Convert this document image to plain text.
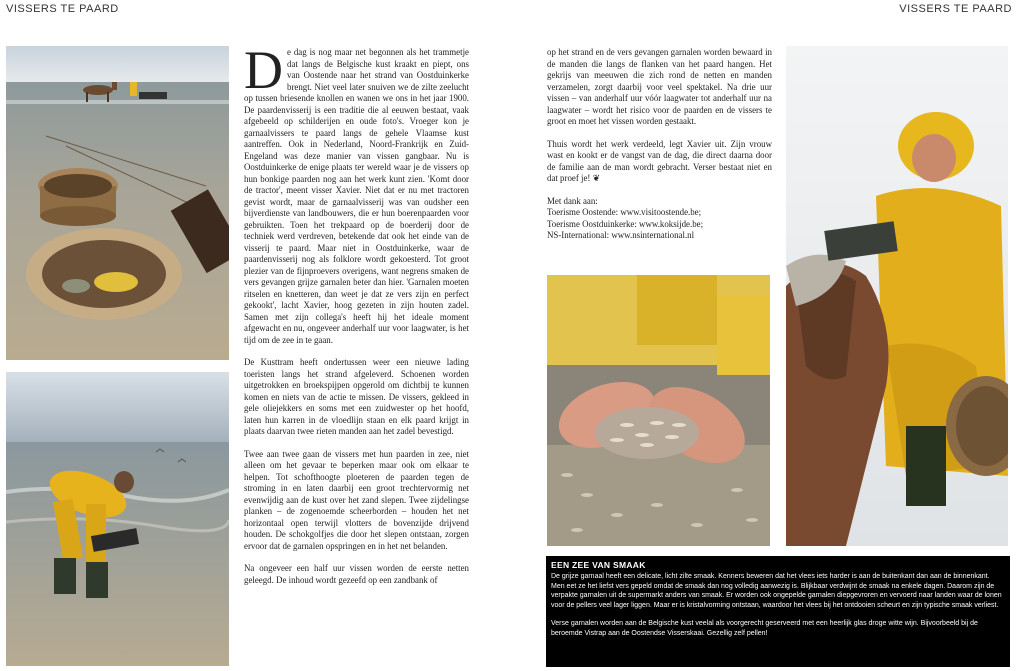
VISSERS TE PAARD	VISSERS TE PAARD

De dag is nog maar net begonnen als het trammetje dat langs de Belgische kust kraakt en piept, ons van Oostende naar het strand van Oostduinkerke brengt. Niet veel later snuiven we de zilte zeelucht op tussen briesende knollen en wanen we ons in het jaar 1900. De paardenvisserij is een traditie die al eeuwen bestaat, vaak afgebeeld op schilderijen en oude foto's. Vroeger kon je garnaalvissers te paard langs de gehele Vlaamse kust aantreffen. Ook in Nederland, Noord-Frankrijk en Zuid-Engeland was deze manier van vissen gangbaar. Nu is Oostduinkerke de enige plaats ter wereld waar je de vissers op hun bonkige paarden nog aan het werk kunt zien. 'Komt door de tractor', meent visser Xavier. Niet dat er nu met tractoren gevist wordt, maar de garnaalvisserij was van oudsher een bijverdienste van landbouwers, die er hun boerenpaarden voor gebruikten. Toen het trekpaard op de boerderij door de techniek werd verdreven, betekende dat ook het einde van de visserij te paard. Maar niet in Oostduinkerke, waar de paardenvisserij nog als folklore wordt gekoesterd. Tot groot plezier van de fijnproevers overigens, want negrens smaken de vers gevangen grijze garnalen beter dan hier. 'Garnalen moeten ritselen en knetteren, dan weet je dat ze vers zijn en perfect gekookt', lacht Xavier, hoog gezeten in zijn houten zadel. Samen met zijn collega's heeft hij het ideale moment afgewacht en nu, ongeveer anderhalf uur voor laagwater, is het tijd om de zee in te gaan.

De Kusttram heeft ondertussen weer een nieuwe lading toeristen langs het strand afgeleverd. Schoenen worden uitgetrokken en broekspijpen opgerold om dichtbij te kunnen komen en niets van de actie te missen. De vissers, gekleed in gele oliejekkers en soms met een zuidwester op het hoofd, laten hun karren in de vloedlijn staan en elk paard krijgt in plaats daarvan twee rieten manden aan het zadel bevestigd.

Twee aan twee gaan de vissers met hun paarden in zee, niet alleen om het gevaar te beperken maar ook om elkaar te helpen. Tot schofthoogte ploeteren de paarden tegen de stroming in en laten daarbij een groot trechtervormig net evenwijdig aan de kust over het zand slepen. Twee zijdelingse planken – de zogenoemde scheerborden – houden het net horizontaal open terwijl vlotters de bovenzijde drijvend houden. De schokgolfjes die door het slepen ontstaan, zorgen ervoor dat de garnalen opspringen en in het net belanden.

Na ongeveer een half uur vissen worden de eerste netten geleegd. De inhoud wordt gezeefd op een zandbank of

op het strand en de vers gevangen garnalen worden bewaard in de manden die langs de flanken van het paard hangen. Het gekrijs van meeuwen die zich rond de netten en manden verzamelen, zorgt daarbij voor veel spektakel. Na drie uur vissen – van anderhalf uur vóór laagwater tot anderhalf uur na laagwater – wordt het risico voor de paarden en de vissers te groot en moet het vissen worden gestaakt.

Thuis wordt het werk verdeeld, legt Xavier uit. Zijn vrouw wast en kookt er de vangst van de dag, die direct daarna door de familie aan de man wordt gebracht. Verser bestaat niet en dat proef je! ❦

Met dank aan:

Toerisme Oostende: www.visitoostende.be;

Toerisme Oostduinkerke: www.koksijde.be;

NS-International: www.nsinternational.nl

EEN ZEE VAN SMAAK

De grijze garnaal heeft een delicate, licht zilte smaak. Kenners beweren dat het vlees iets harder is aan de buitenkant dan aan de binnenkant. Men eet ze het liefst vers gepeld omdat de smaak dan nog volledig aanwezig is. Blijkbaar verdwijnt de smaak na enkele dagen. Daarom zijn de verpakte garnalen uit de supermarkt anders van smaak. Er worden ook ongepelde garnalen diepgevroren en vervoerd naar landen waar de lonen voor de pellers veel lager liggen. Maar er is kristalvorming ontstaan, waardoor het vlees bij het ontdooien scheurt en zijn typische smaak verliest.

Verse garnalen worden aan de Belgische kust veelal als voorgerecht geserveerd met een heerlijk glas droge witte wijn. Bijvoorbeeld bij de beroemde Vistrap aan de Oostendse Visserskaai. Gezellig zelf pellen!
